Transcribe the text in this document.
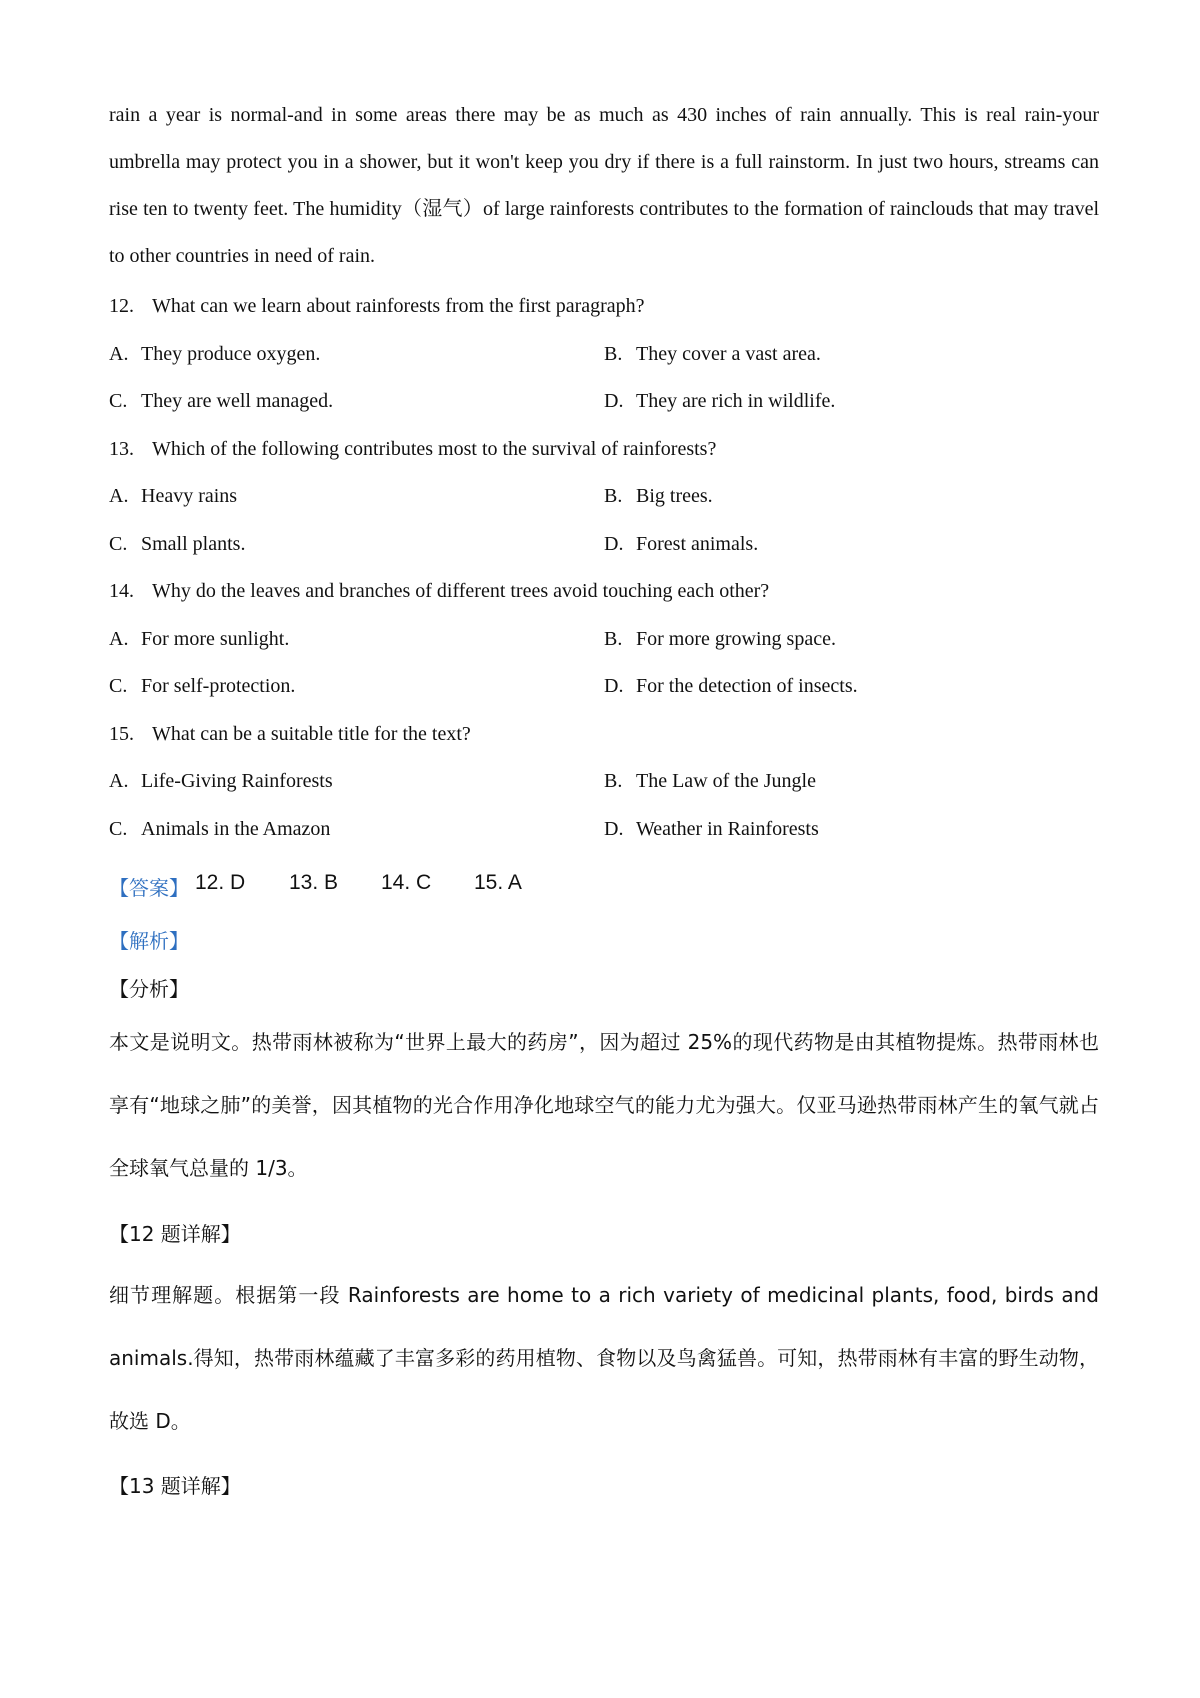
rain a year is normal-and in some areas there may be as much as 430 inches of rain annually. This is real rain-your umbrella may protect you in a shower, but it won't keep you dry if there is a full rainstorm. In just two hours, streams can rise ten to twenty feet. The humidity（湿气）of large rainforests contributes to the formation of rainclouds that may travel to other countries in need of rain.
12. What can we learn about rainforests from the first paragraph?
A. They produce oxygen.	B. They cover a vast area.
C. They are well managed.	D. They are rich in wildlife.
13. Which of the following contributes most to the survival of rainforests?
A. Heavy rains	B. Big trees.
C. Small plants.	D. Forest animals.
14. Why do the leaves and branches of different trees avoid touching each other?
A. For more sunlight.	B. For more growing space.
C. For self-protection.	D. For the detection of insects.
15. What can be a suitable title for the text?
A. Life-Giving Rainforests	B. The Law of the Jungle
C. Animals in the Amazon	D. Weather in Rainforests
【答案】 12. D 13. B 14. C 15. A
【解析】
【分析】
本文是说明文。热带雨林被称为“世界上最大的药房”，因为超过 25%的现代药物是由其植物提炼。热带雨林也享有“地球之肺”的美誉，因其植物的光合作用净化地球空气的能力尤为强大。仅亚马逊热带雨林产生的氧气就占全球氧气总量的 1/3。
【12 题详解】
细节理解题。根据第一段 Rainforests are home to a rich variety of medicinal plants, food, birds and animals.得知，热带雨林蕴藏了丰富多彩的药用植物、食物以及鸟禽猛兽。可知，热带雨林有丰富的野生动物，故选 D。
【13 题详解】
